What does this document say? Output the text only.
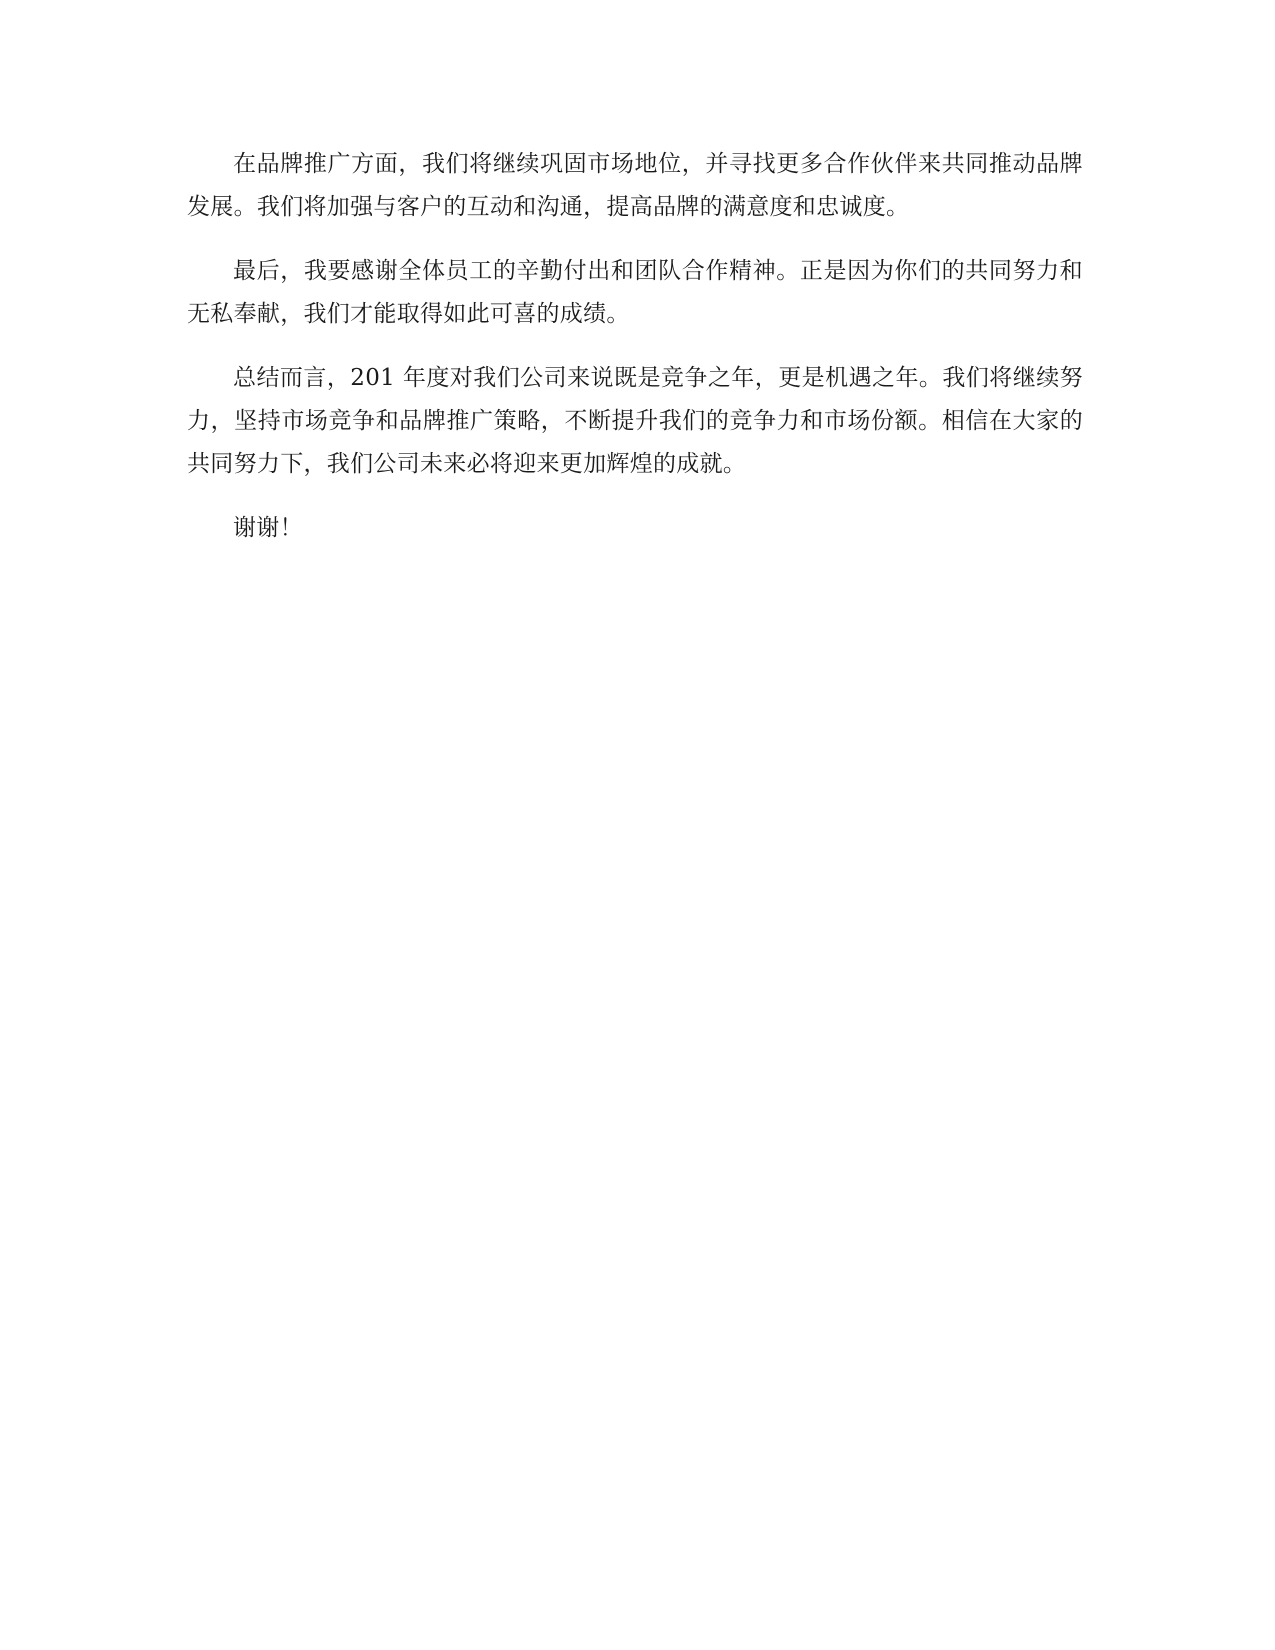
在品牌推广方面，我们将继续巩固市场地位，并寻找更多合作伙伴来共同推动品牌发展。我们将加强与客户的互动和沟通，提高品牌的满意度和忠诚度。

最后，我要感谢全体员工的辛勤付出和团队合作精神。正是因为你们的共同努力和无私奉献，我们才能取得如此可喜的成绩。

总结而言，201 年度对我们公司来说既是竞争之年，更是机遇之年。我们将继续努力，坚持市场竞争和品牌推广策略，不断提升我们的竞争力和市场份额。相信在大家的共同努力下，我们公司未来必将迎来更加辉煌的成就。

谢谢！
